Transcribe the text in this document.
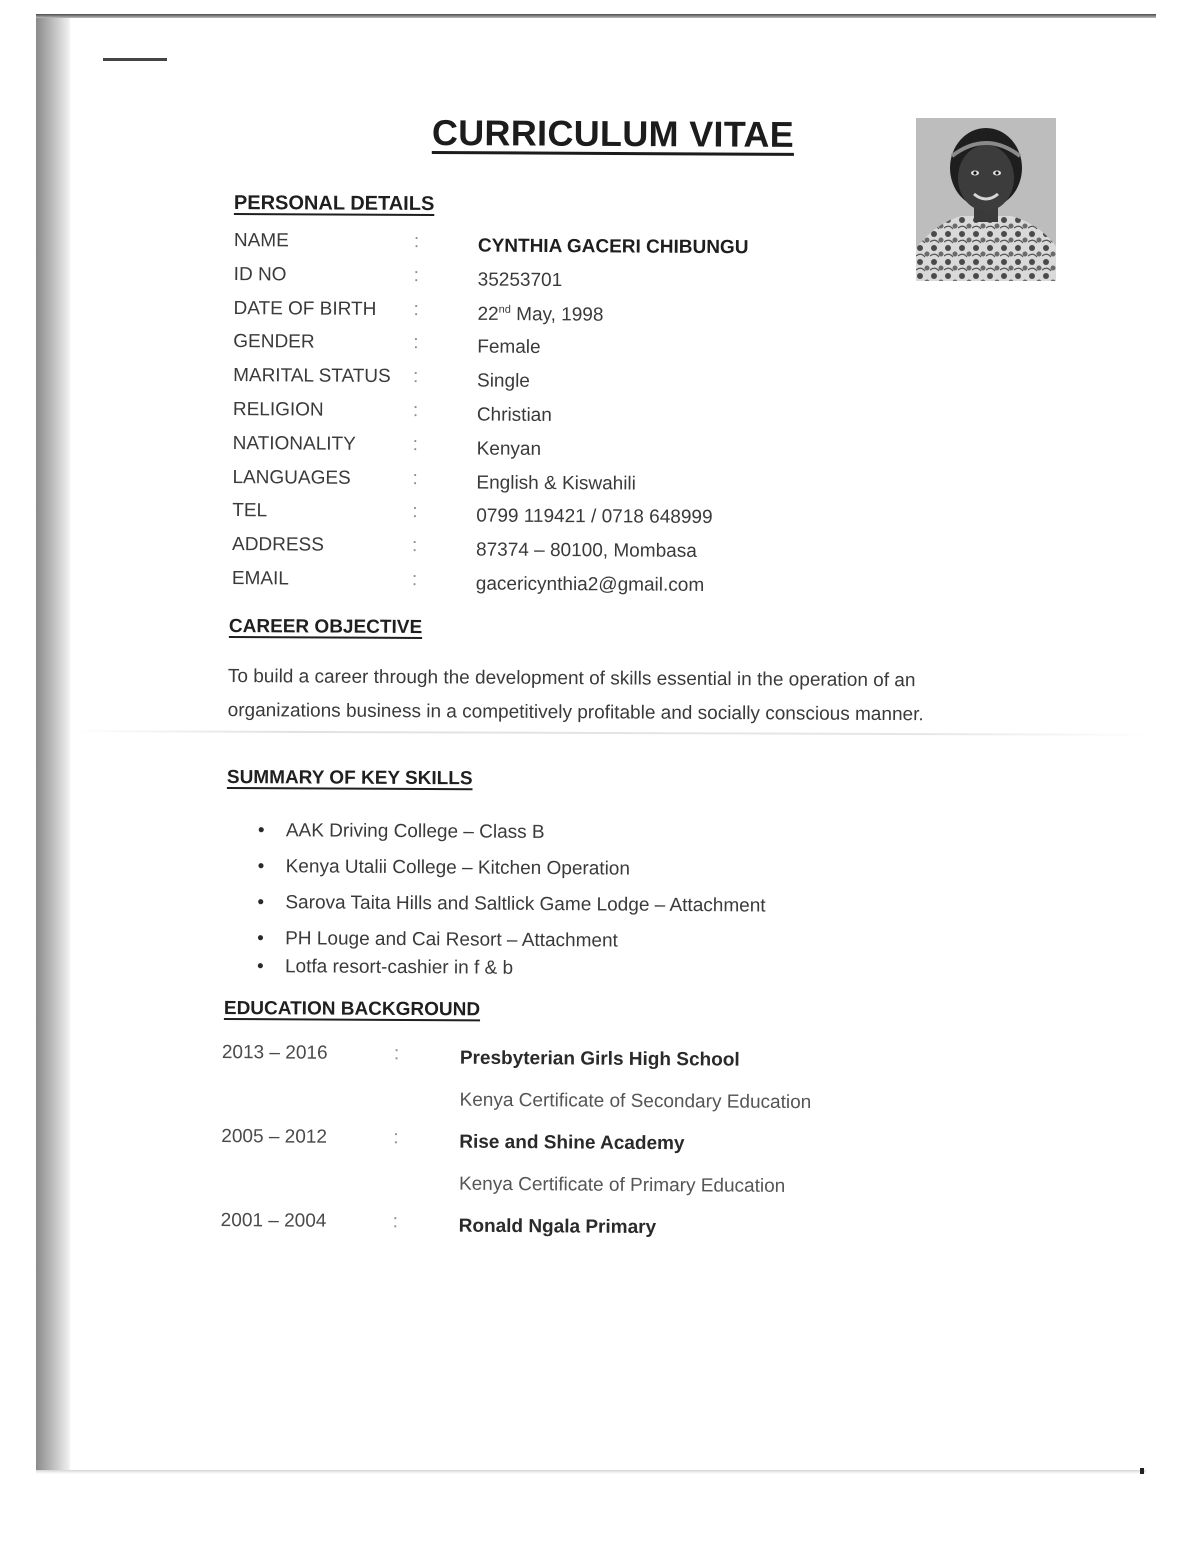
CURRICULUM VITAE
PERSONAL DETAILS
NAME	:	CYNTHIA GACERI CHIBUNGU
ID NO	:	35253701
DATE OF BIRTH :	22nd May, 1998
GENDER	:	Female
MARITAL STATUS :	Single
RELIGION	:	Christian
NATIONALITY	:	Kenyan
LANGUAGES	:	English & Kiswahili
TEL	:	0799 119421 / 0718 648999
ADDRESS	:	87374 – 80100, Mombasa
EMAIL	:	gacericynthia2@gmail.com
CAREER OBJECTIVE

To build a career through the development of skills essential in the operation of an
organizations business in a competitively profitable and socially conscious manner.

SUMMARY OF KEY SKILLS
• AAK Driving College – Class B
• Kenya Utalii College – Kitchen Operation
• Sarova Taita Hills and Saltlick Game Lodge – Attachment
• PH Louge and Cai Resort – Attachment
• Lotfa resort-cashier in f & b
EDUCATION BACKGROUND
2013 – 2016	:	Presbyterian Girls High School
Kenya Certificate of Secondary Education
2005 – 2012	:	Rise and Shine Academy
Kenya Certificate of Primary Education
2001 – 2004	:	Ronald Ngala Primary
